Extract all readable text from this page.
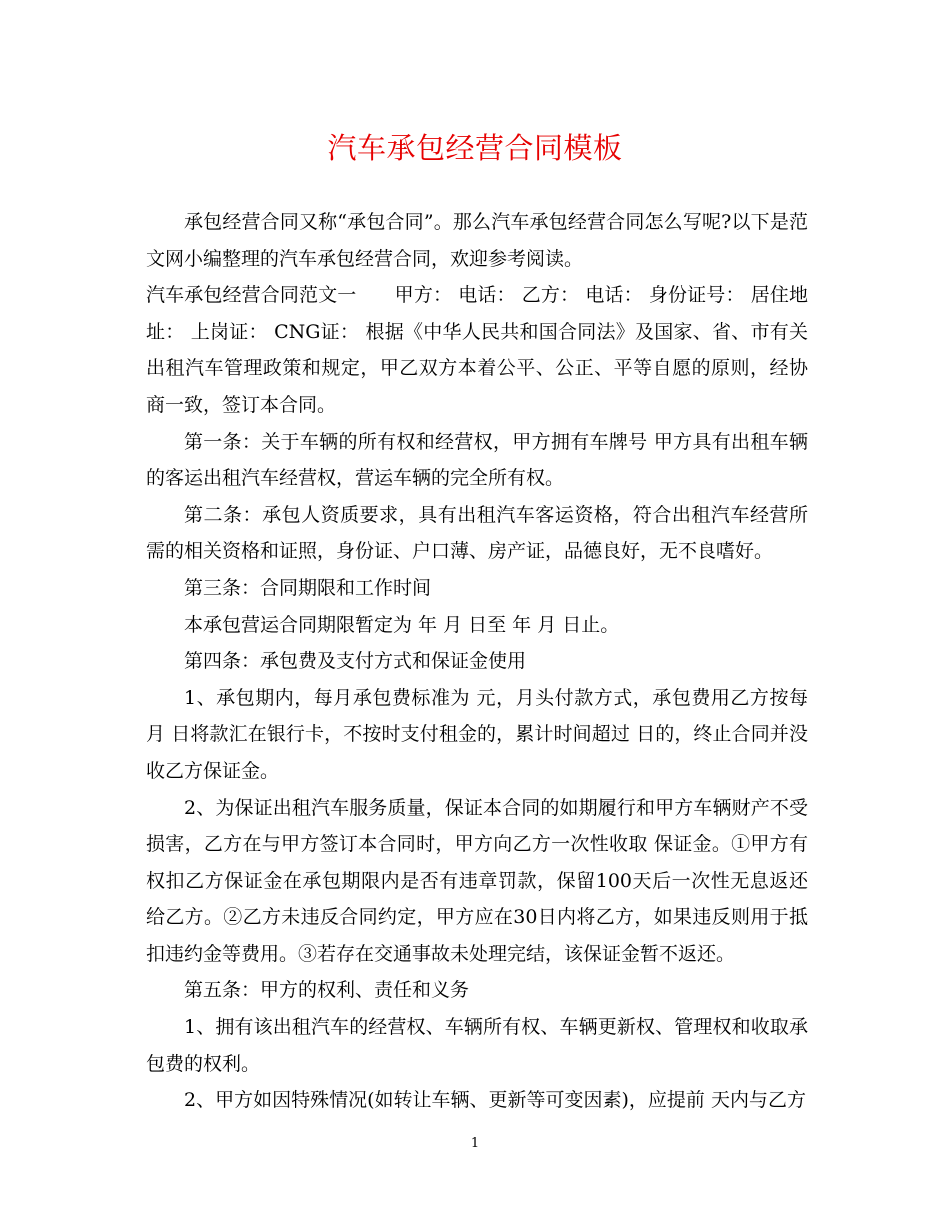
汽车承包经营合同模板

承包经营合同又称“承包合同”。那么汽车承包经营合同怎么写呢?以下是范文网小编整理的汽车承包经营合同，欢迎参考阅读。

汽车承包经营合同范文一　　甲方： 电话： 乙方： 电话： 身份证号： 居住地址： 上岗证： CNG证： 根据《中华人民共和国合同法》及国家、省、市有关出租汽车管理政策和规定，甲乙双方本着公平、公正、平等自愿的原则，经协商一致，签订本合同。

第一条：关于车辆的所有权和经营权，甲方拥有车牌号 甲方具有出租车辆的客运出租汽车经营权，营运车辆的完全所有权。

第二条：承包人资质要求，具有出租汽车客运资格，符合出租汽车经营所需的相关资格和证照，身份证、户口薄、房产证，品德良好，无不良嗜好。

第三条：合同期限和工作时间

本承包营运合同期限暂定为 年 月 日至 年 月 日止。

第四条：承包费及支付方式和保证金使用

1、承包期内，每月承包费标准为 元，月头付款方式，承包费用乙方按每月 日将款汇在银行卡，不按时支付租金的，累计时间超过 日的，终止合同并没收乙方保证金。

2、为保证出租汽车服务质量，保证本合同的如期履行和甲方车辆财产不受损害，乙方在与甲方签订本合同时，甲方向乙方一次性收取 保证金。①甲方有权扣乙方保证金在承包期限内是否有违章罚款，保留100天后一次性无息返还给乙方。②乙方未违反合同约定，甲方应在30日内将乙方，如果违反则用于抵扣违约金等费用。③若存在交通事故未处理完结，该保证金暂不返还。

第五条：甲方的权利、责任和义务

1、拥有该出租汽车的经营权、车辆所有权、车辆更新权、管理权和收取承包费的权利。

2、甲方如因特殊情况(如转让车辆、更新等可变因素)，应提前 天内与乙方

1
